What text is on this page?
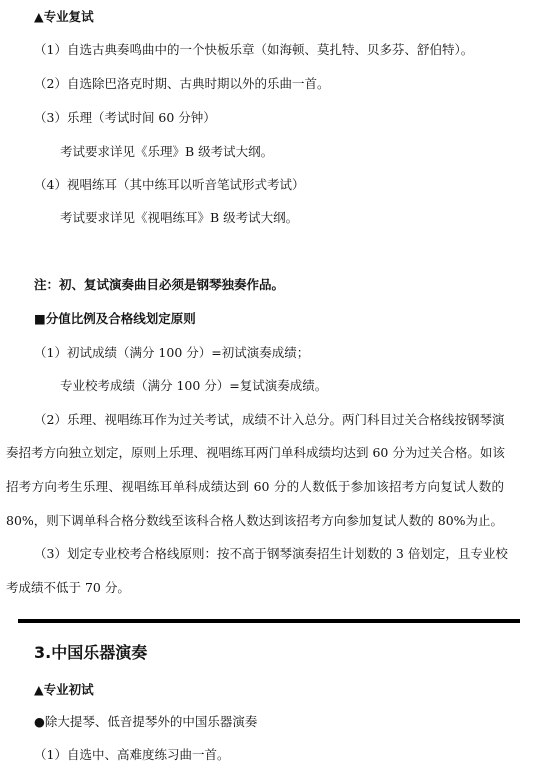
▲专业复试
（1）自选古典奏鸣曲中的一个快板乐章（如海顿、莫扎特、贝多芬、舒伯特）。
（2）自选除巴洛克时期、古典时期以外的乐曲一首。
（3）乐理（考试时间 60 分钟）
考试要求详见《乐理》B 级考试大纲。
（4）视唱练耳（其中练耳以听音笔试形式考试）
考试要求详见《视唱练耳》B 级考试大纲。
注：初、复试演奏曲目必须是钢琴独奏作品。
■分值比例及合格线划定原则
（1）初试成绩（满分 100 分）=初试演奏成绩；
专业校考成绩（满分 100 分）=复试演奏成绩。
（2）乐理、视唱练耳作为过关考试，成绩不计入总分。两门科目过关合格线按钢琴演
奏招考方向独立划定，原则上乐理、视唱练耳两门单科成绩均达到 60 分为过关合格。如该
招考方向考生乐理、视唱练耳单科成绩达到 60 分的人数低于参加该招考方向复试人数的
80%，则下调单科合格分数线至该科合格人数达到该招考方向参加复试人数的 80%为止。
（3）划定专业校考合格线原则：按不高于钢琴演奏招生计划数的 3 倍划定，且专业校
考成绩不低于 70 分。
3.中国乐器演奏
▲专业初试
●除大提琴、低音提琴外的中国乐器演奏
（1）自选中、高难度练习曲一首。
